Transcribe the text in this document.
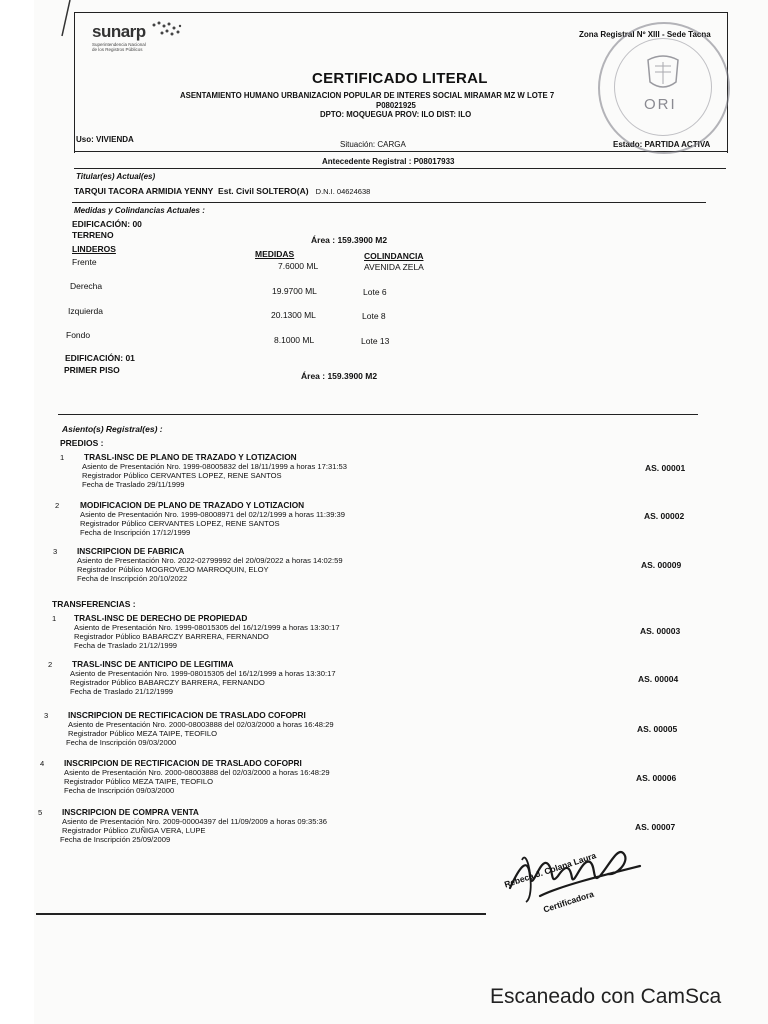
sunarp
Superintendencia Nacional de los Registros Públicos
Zona Registral Nº XIII - Sede Tacna
CERTIFICADO LITERAL
ASENTAMIENTO HUMANO URBANIZACION POPULAR DE INTERES SOCIAL MIRAMAR MZ W LOTE 7
P08021925
DPTO: MOQUEGUA PROV: ILO DIST: ILO
Uso: VIVIENDA
Situación: CARGA	Estado: PARTIDA ACTIVA
Antecedente Registral : P08017933
ORI
Titular(es) Actual(es)
TARQUI TACORA ARMIDIA YENNY Est. Civil SOLTERO(A) D.N.I. 04624638
Medidas y Colindancias Actuales :
EDIFICACIÓN: 00
TERRENO	Área : 159.3900 M2
LINDEROS	MEDIDAS	COLINDANCIA
Frente	7.6000 ML	AVENIDA ZELA
Derecha	19.9700 ML	Lote 6
Izquierda	20.1300 ML	Lote 8
Fondo	8.1000 ML	Lote 13
EDIFICACIÓN: 01
PRIMER PISO
Área : 159.3900 M2
Asiento(s) Registral(es) :
PREDIOS :
1	TRASL-INSC DE PLANO DE TRAZADO Y LOTIZACION
Asiento de Presentación Nro. 1999-08005832 del 18/11/1999 a horas 17:31:53
Registrador Público CERVANTES LOPEZ, RENE SANTOS
Fecha de Traslado 29/11/1999
AS. 00001
2	MODIFICACION DE PLANO DE TRAZADO Y LOTIZACION
Asiento de Presentación Nro. 1999-08008971 del 02/12/1999 a horas 11:39:39
Registrador Público CERVANTES LOPEZ, RENE SANTOS
Fecha de Inscripción 17/12/1999
AS. 00002
3	INSCRIPCION DE FABRICA
Asiento de Presentación Nro. 2022-02799992 del 20/09/2022 a horas 14:02:59
Registrador Público MOGROVEJO MARROQUIN, ELOY
Fecha de Inscripción 20/10/2022
AS. 00009
TRANSFERENCIAS :
1	TRASL-INSC DE DERECHO DE PROPIEDAD
Asiento de Presentación Nro. 1999-08015305 del 16/12/1999 a horas 13:30:17
Registrador Público BABARCZY BARRERA, FERNANDO
Fecha de Traslado 21/12/1999
AS. 00003
2	TRASL-INSC DE ANTICIPO DE LEGITIMA
Asiento de Presentación Nro. 1999-08015305 del 16/12/1999 a horas 13:30:17
Registrador Público BABARCZY BARRERA, FERNANDO
Fecha de Traslado 21/12/1999
AS. 00004
3	INSCRIPCION DE RECTIFICACION DE TRASLADO COFOPRI
Asiento de Presentación Nro. 2000-08003888 del 02/03/2000 a horas 16:48:29
Registrador Público MEZA TAIPE, TEOFILO
Fecha de Inscripción 09/03/2000
AS. 00005
4	INSCRIPCION DE RECTIFICACION DE TRASLADO COFOPRI
Asiento de Presentación Nro. 2000-08003888 del 02/03/2000 a horas 16:48:29
Registrador Público MEZA TAIPE, TEOFILO
Fecha de Inscripción 09/03/2000
AS. 00006
5	INSCRIPCION DE COMPRA VENTA
Asiento de Presentación Nro. 2009-00004397 del 11/09/2009 a horas 09:35:36
Registrador Público ZUÑIGA VERA, LUPE
Fecha de Inscripción 25/09/2009
AS. 00007
Rebeca J. Colana Laura
Certificadora
Escaneado con CamSca
